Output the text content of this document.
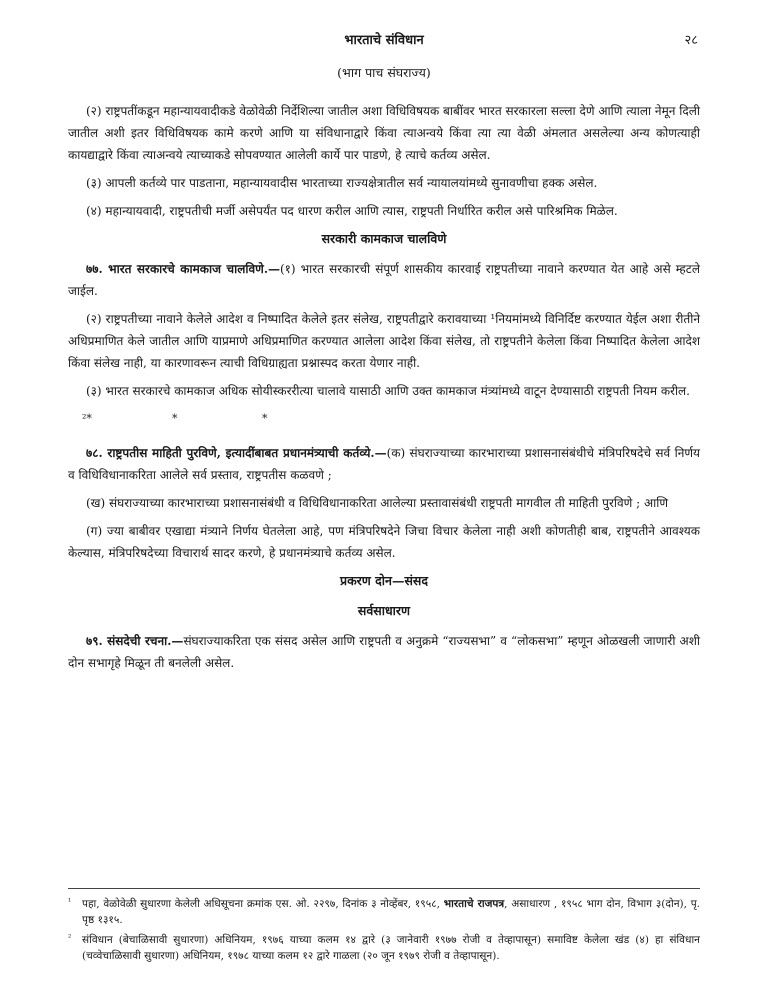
भारताचे संविधान	२८
(भाग पाच संघराज्य)

(२) राष्ट्रपतींकडून महान्यायवादीकडे वेळोवेळी निर्देशिल्या जातील अशा विधिविषयक बाबींवर भारत सरकारला सल्ला देणे आणि त्याला नेमून दिली जातील अशी इतर विधिविषयक कामे करणे आणि या संविधानाद्वारे किंवा त्याअन्वये किंवा त्या त्या वेळी अंमलात असलेल्या अन्य कोणत्याही कायद्याद्वारे किंवा त्याअन्वये त्याच्याकडे सोपवण्यात आलेली कार्ये पार पाडणे, हे त्याचे कर्तव्य असेल.

(३) आपली कर्तव्ये पार पाडताना, महान्यायवादीस भारताच्या राज्यक्षेत्रातील सर्व न्यायालयांमध्ये सुनावणीचा हक्क असेल.

(४) महान्यायवादी, राष्ट्रपतीची मर्जी असेपर्यंत पद धारण करील आणि त्यास, राष्ट्रपती निर्धारित करील असे पारिश्रमिक मिळेल.

सरकारी कामकाज चालविणे

७७. भारत सरकारचे कामकाज चालविणे.—(१) भारत सरकारची संपूर्ण शासकीय कारवाई राष्ट्रपतीच्या नावाने करण्यात येत आहे असे म्हटले जाईल.

(२) राष्ट्रपतीच्या नावाने केलेले आदेश व निष्पादित केलेले इतर संलेख, राष्ट्रपतीद्वारे करावयाच्या ¹नियमांमध्ये विनिर्दिष्ट करण्यात येईल अशा रीतीने अधिप्रमाणित केले जातील आणि याप्रमाणे अधिप्रमाणित करण्यात आलेला आदेश किंवा संलेख, तो राष्ट्रपतीने केलेला किंवा निष्पादित केलेला आदेश किंवा संलेख नाही, या कारणावरून त्याची विधिग्राह्यता प्रश्नास्पद करता येणार नाही.

(३) भारत सरकारचे कामकाज अधिक सोयीस्कररीत्या चालावे यासाठी आणि उक्त कामकाज मंत्र्यांमध्ये वाटून देण्यासाठी राष्ट्रपती नियम करील.

²*	*	*

७८. राष्ट्रपतीस माहिती पुरविणे, इत्यादींबाबत प्रधानमंत्र्याची कर्तव्ये.—(क) संघराज्याच्या कारभाराच्या प्रशासनासंबंधीचे मंत्रिपरिषदेचे सर्व निर्णय व विधिविधानाकरिता आलेले सर्व प्रस्ताव, राष्ट्रपतीस कळवणे ;

(ख) संघराज्याच्या कारभाराच्या प्रशासनासंबंधी व विधिविधानाकरिता आलेल्या प्रस्तावासंबंधी राष्ट्रपती मागवील ती माहिती पुरविणे ; आणि

(ग) ज्या बाबीवर एखाद्या मंत्र्याने निर्णय घेतलेला आहे, पण मंत्रिपरिषदेने जिचा विचार केलेला नाही अशी कोणतीही बाब, राष्ट्रपतीने आवश्यक केल्यास, मंत्रिपरिषदेच्या विचारार्थ सादर करणे, हे प्रधानमंत्र्याचे कर्तव्य असेल.

प्रकरण दोन—संसद
सर्वसाधारण

७९. संसदेची रचना.—संघराज्याकरिता एक संसद असेल आणि राष्ट्रपती व अनुक्रमे “राज्यसभा” व “लोकसभा” म्हणून ओळखली जाणारी अशी दोन सभागृहे मिळून ती बनलेली असेल.

¹	पहा, वेळोवेळी सुधारणा केलेली अधिसूचना क्रमांक एस. ओ. २२९७, दिनांक ३ नोव्हेंबर, १९५८, भारताचे राजपत्र, असाधारण , १९५८ भाग दोन, विभाग ३(दोन), पृ. पृष्ठ १३१५.
²	संविधान (बेचाळिसावी सुधारणा) अधिनियम, १९७६ याच्या कलम १४ द्वारे (३ जानेवारी १९७७ रोजी व तेव्हापासून) समाविष्ट केलेला खंड (४) हा संविधान (चव्वेचाळिसावी सुधारणा) अधिनियम, १९७८ याच्या कलम १२ द्वारे गाळला (२० जून १९७९ रोजी व तेव्हापासून).
